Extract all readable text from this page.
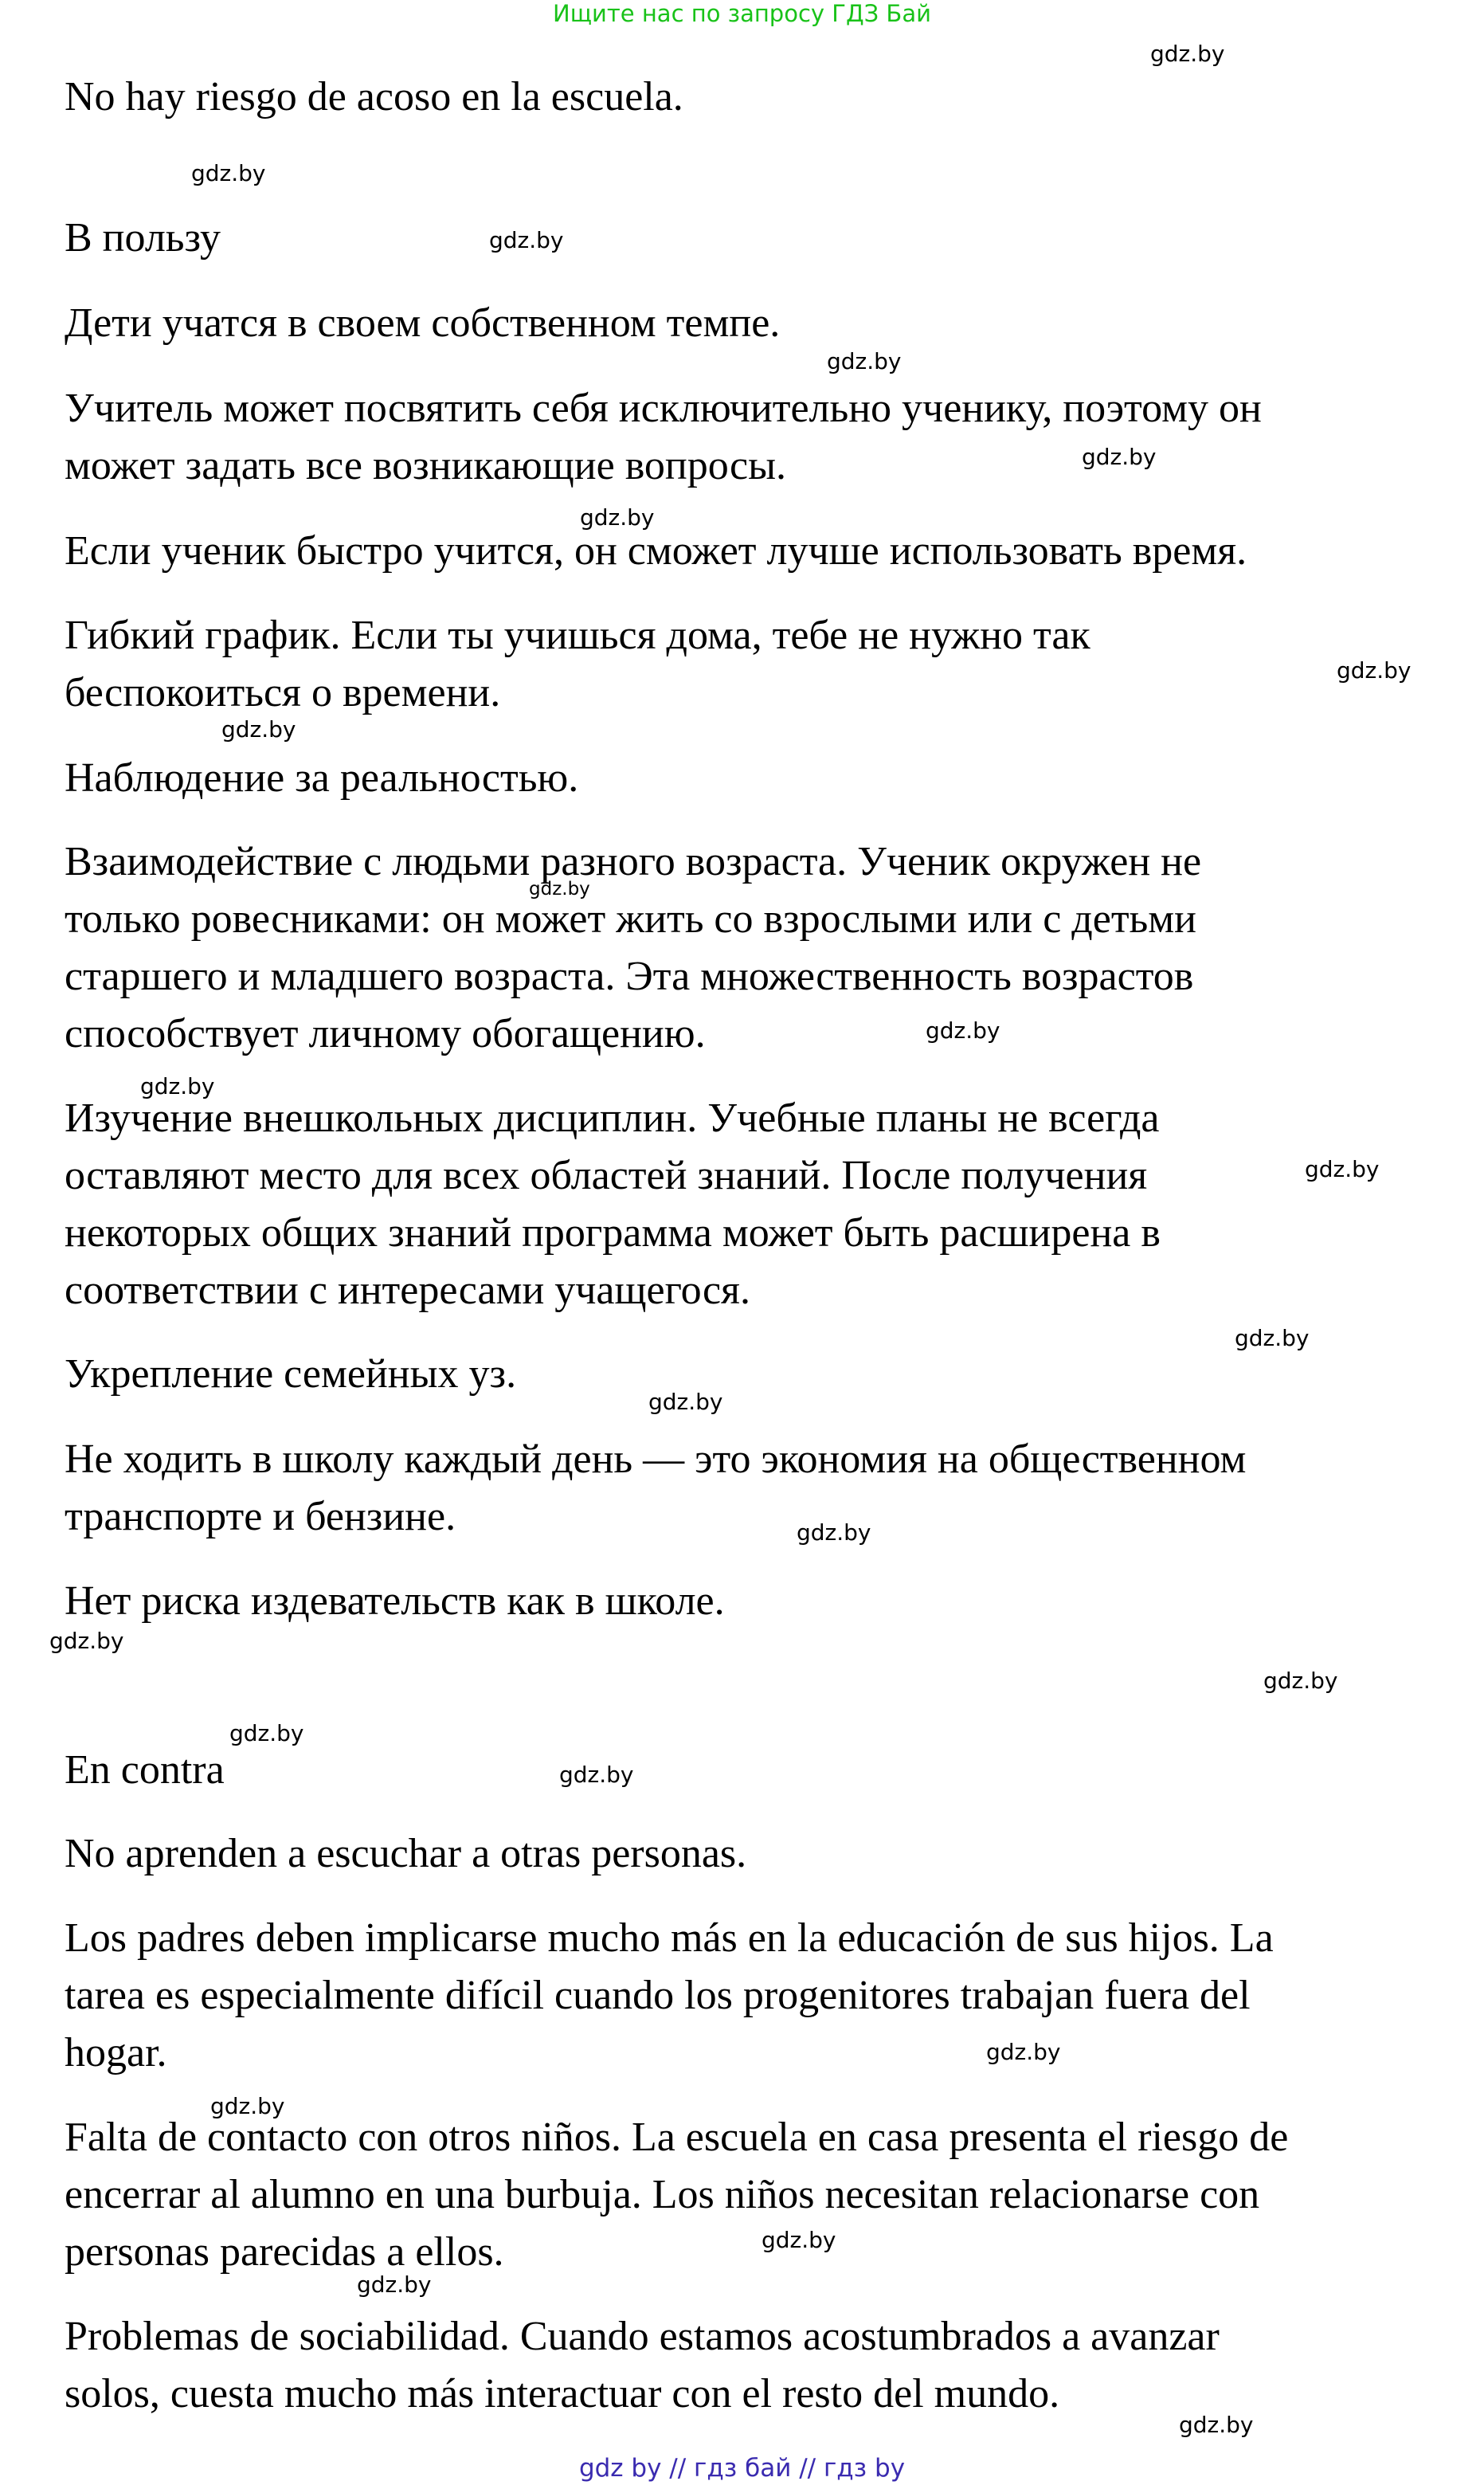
Ищите нас по запросу ГДЗ Бай
No hay riesgo de acoso en la escuela.
В пользу
Дети учатся в своем собственном темпе.
Учитель может посвятить себя исключительно ученику, поэтому он
может задать все возникающие вопросы.
Если ученик быстро учится, он сможет лучше использовать время.
Гибкий график. Если ты учишься дома, тебе не нужно так
беспокоиться о времени.
Наблюдение за реальностью.
Взаимодействие с людьми разного возраста. Ученик окружен не
только ровесниками: он может жить со взрослыми или с детьми
старшего и младшего возраста. Эта множественность возрастов
способствует личному обогащению.
Изучение внешкольных дисциплин. Учебные планы не всегда
оставляют место для всех областей знаний. После получения
некоторых общих знаний программа может быть расширена в
соответствии с интересами учащегося.
Укрепление семейных уз.
Не ходить в школу каждый день — это экономия на общественном
транспорте и бензине.
Нет риска издевательств как в школе.
En contra
No aprenden a escuchar a otras personas.
Los padres deben implicarse mucho más en la educación de sus hijos. La
tarea es especialmente difícil cuando los progenitores trabajan fuera del
hogar.
Falta de contacto con otros niños. La escuela en casa presenta el riesgo de
encerrar al alumno en una burbuja. Los niños necesitan relacionarse con
personas parecidas a ellos.
Problemas de sociabilidad. Cuando estamos acostumbrados a avanzar
solos, cuesta mucho más interactuar con el resto del mundo.
gdz.by
gdz.by
gdz.by
gdz.by
gdz.by
gdz.by
gdz.by
gdz.by
gdz.by
gdz.by
gdz.by
gdz.by
gdz.by
gdz.by
gdz.by
gdz.by
gdz.by
gdz.by
gdz.by
gdz.by
gdz.by
gdz.by
gdz.by
gdz.by
gdz by // гдз бай // гдз by
